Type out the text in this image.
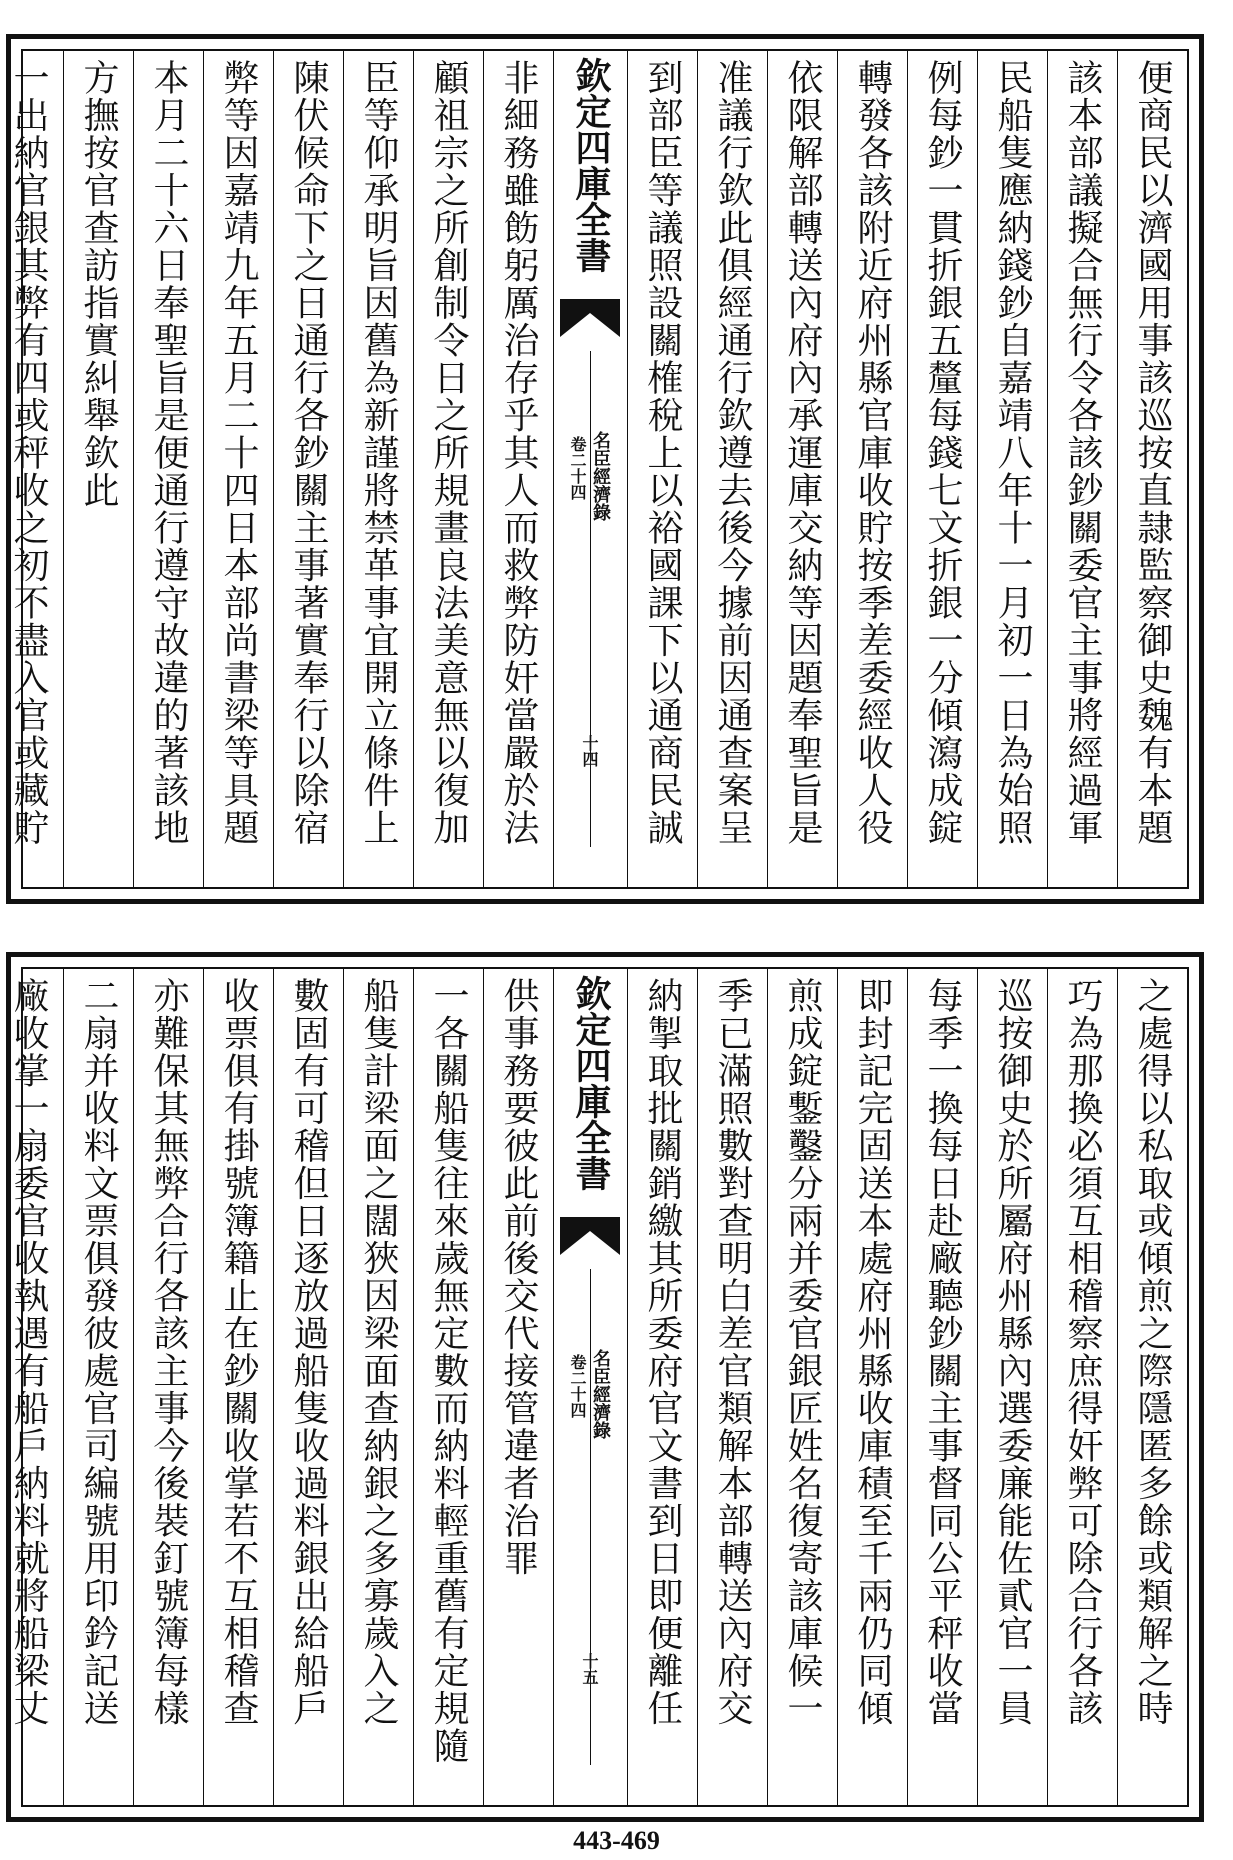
便商民以濟國用事該巡按直隷監察御史魏有本題
該本部議擬合無行令各該鈔關委官主事將經過軍
民船隻應納錢鈔自嘉靖八年十一月初一日為始照
例每鈔一貫折銀五釐每錢七文折銀一分傾瀉成錠
轉發各該附近府州縣官庫收貯按季差委經收人役
依限解部轉送內府內承運庫交納等因題奉聖旨是
准議行欽此俱經通行欽遵去後今據前因通查案呈
到部臣等議照設關榷稅上以裕國課下以通商民誠
欽定四庫全書
名臣經濟錄
卷二十四
十四
非細務雖飭躬厲治存乎其人而救弊防奸當嚴於法
顧祖宗之所創制令日之所規畫良法美意無以復加
臣等仰承明旨因舊為新謹將禁革事宜開立條件上
陳伏候命下之日通行各鈔關主事著實奉行以除宿
弊等因嘉靖九年五月二十四日本部尚書梁等具題
本月二十六日奉聖旨是便通行遵守故違的著該地
方撫按官查訪指實糾舉欽此
一出納官銀其弊有四或秤收之初不盡入官或藏貯
之處得以私取或傾煎之際隱匿多餘或類解之時
巧為那換必須互相稽察庶得奸弊可除合行各該
巡按御史於所屬府州縣內選委廉能佐貳官一員
每季一換每日赴廠聽鈔關主事督同公平秤收當
即封記完固送本處府州縣收庫積至千兩仍同傾
煎成錠鏨鑿分兩并委官銀匠姓名復寄該庫候一
季已滿照數對查明白差官類解本部轉送內府交
納掣取批關銷繳其所委府官文書到日即便離任
欽定四庫全書
名臣經濟錄
卷二十四
十五
供事務要彼此前後交代接管違者治罪
一各關船隻往來歲無定數而納料輕重舊有定規隨
船隻計梁面之闊狹因梁面查納銀之多寡歲入之
數固有可稽但日逐放過船隻收過料銀出給船戶
收票俱有掛號簿籍止在鈔關收掌若不互相稽查
亦難保其無弊合行各該主事今後裝釘號簿每樣
二扇并收料文票俱發彼處官司編號用印鈐記送
廠收掌一扇委官收執遇有船戶納料就將船梁丈
443-469
